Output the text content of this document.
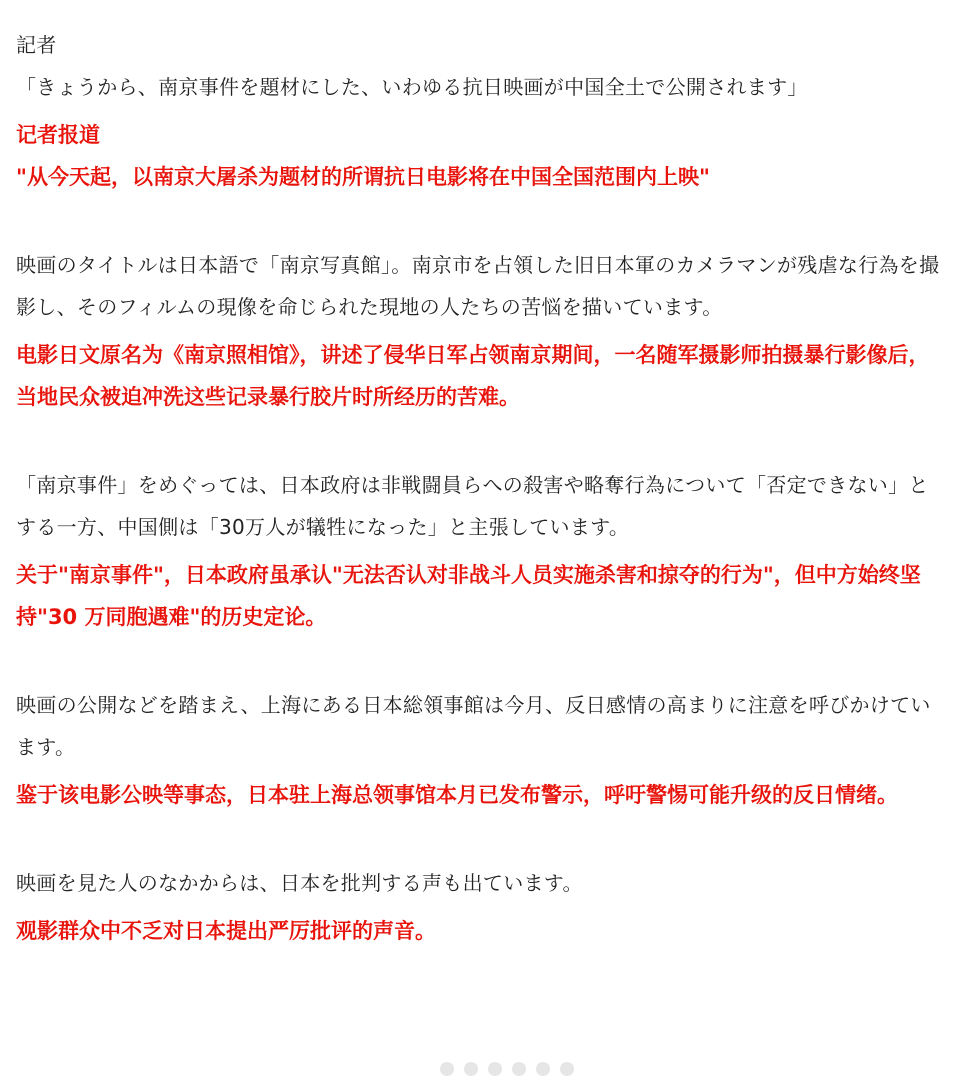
記者

「きょうから、南京事件を題材にした、いわゆる抗日映画が中国全土で公開されます」

记者报道

"从今天起，以南京大屠杀为题材的所谓抗日电影将在中国全国范围内上映"

映画のタイトルは日本語で「南京写真館」。南京市を占領した旧日本軍のカメラマンが残虐な行為を撮影し、そのフィルムの現像を命じられた現地の人たちの苦悩を描いています。

电影日文原名为《南京照相馆》，讲述了侵华日军占领南京期间，一名随军摄影师拍摄暴行影像后，当地民众被迫冲洗这些记录暴行胶片时所经历的苦难。

「南京事件」をめぐっては、日本政府は非戦闘員らへの殺害や略奪行為について「否定できない」とする一方、中国側は「30万人が犠牲になった」と主張しています。

关于"南京事件"，日本政府虽承认"无法否认对非战斗人员实施杀害和掠夺的行为"，但中方始终坚持"30 万同胞遇难"的历史定论。

映画の公開などを踏まえ、上海にある日本総領事館は今月、反日感情の高まりに注意を呼びかけています。

鉴于该电影公映等事态，日本驻上海总领事馆本月已发布警示，呼吁警惕可能升级的反日情绪。

映画を見た人のなかからは、日本を批判する声も出ています。

观影群众中不乏对日本提出严厉批评的声音。
